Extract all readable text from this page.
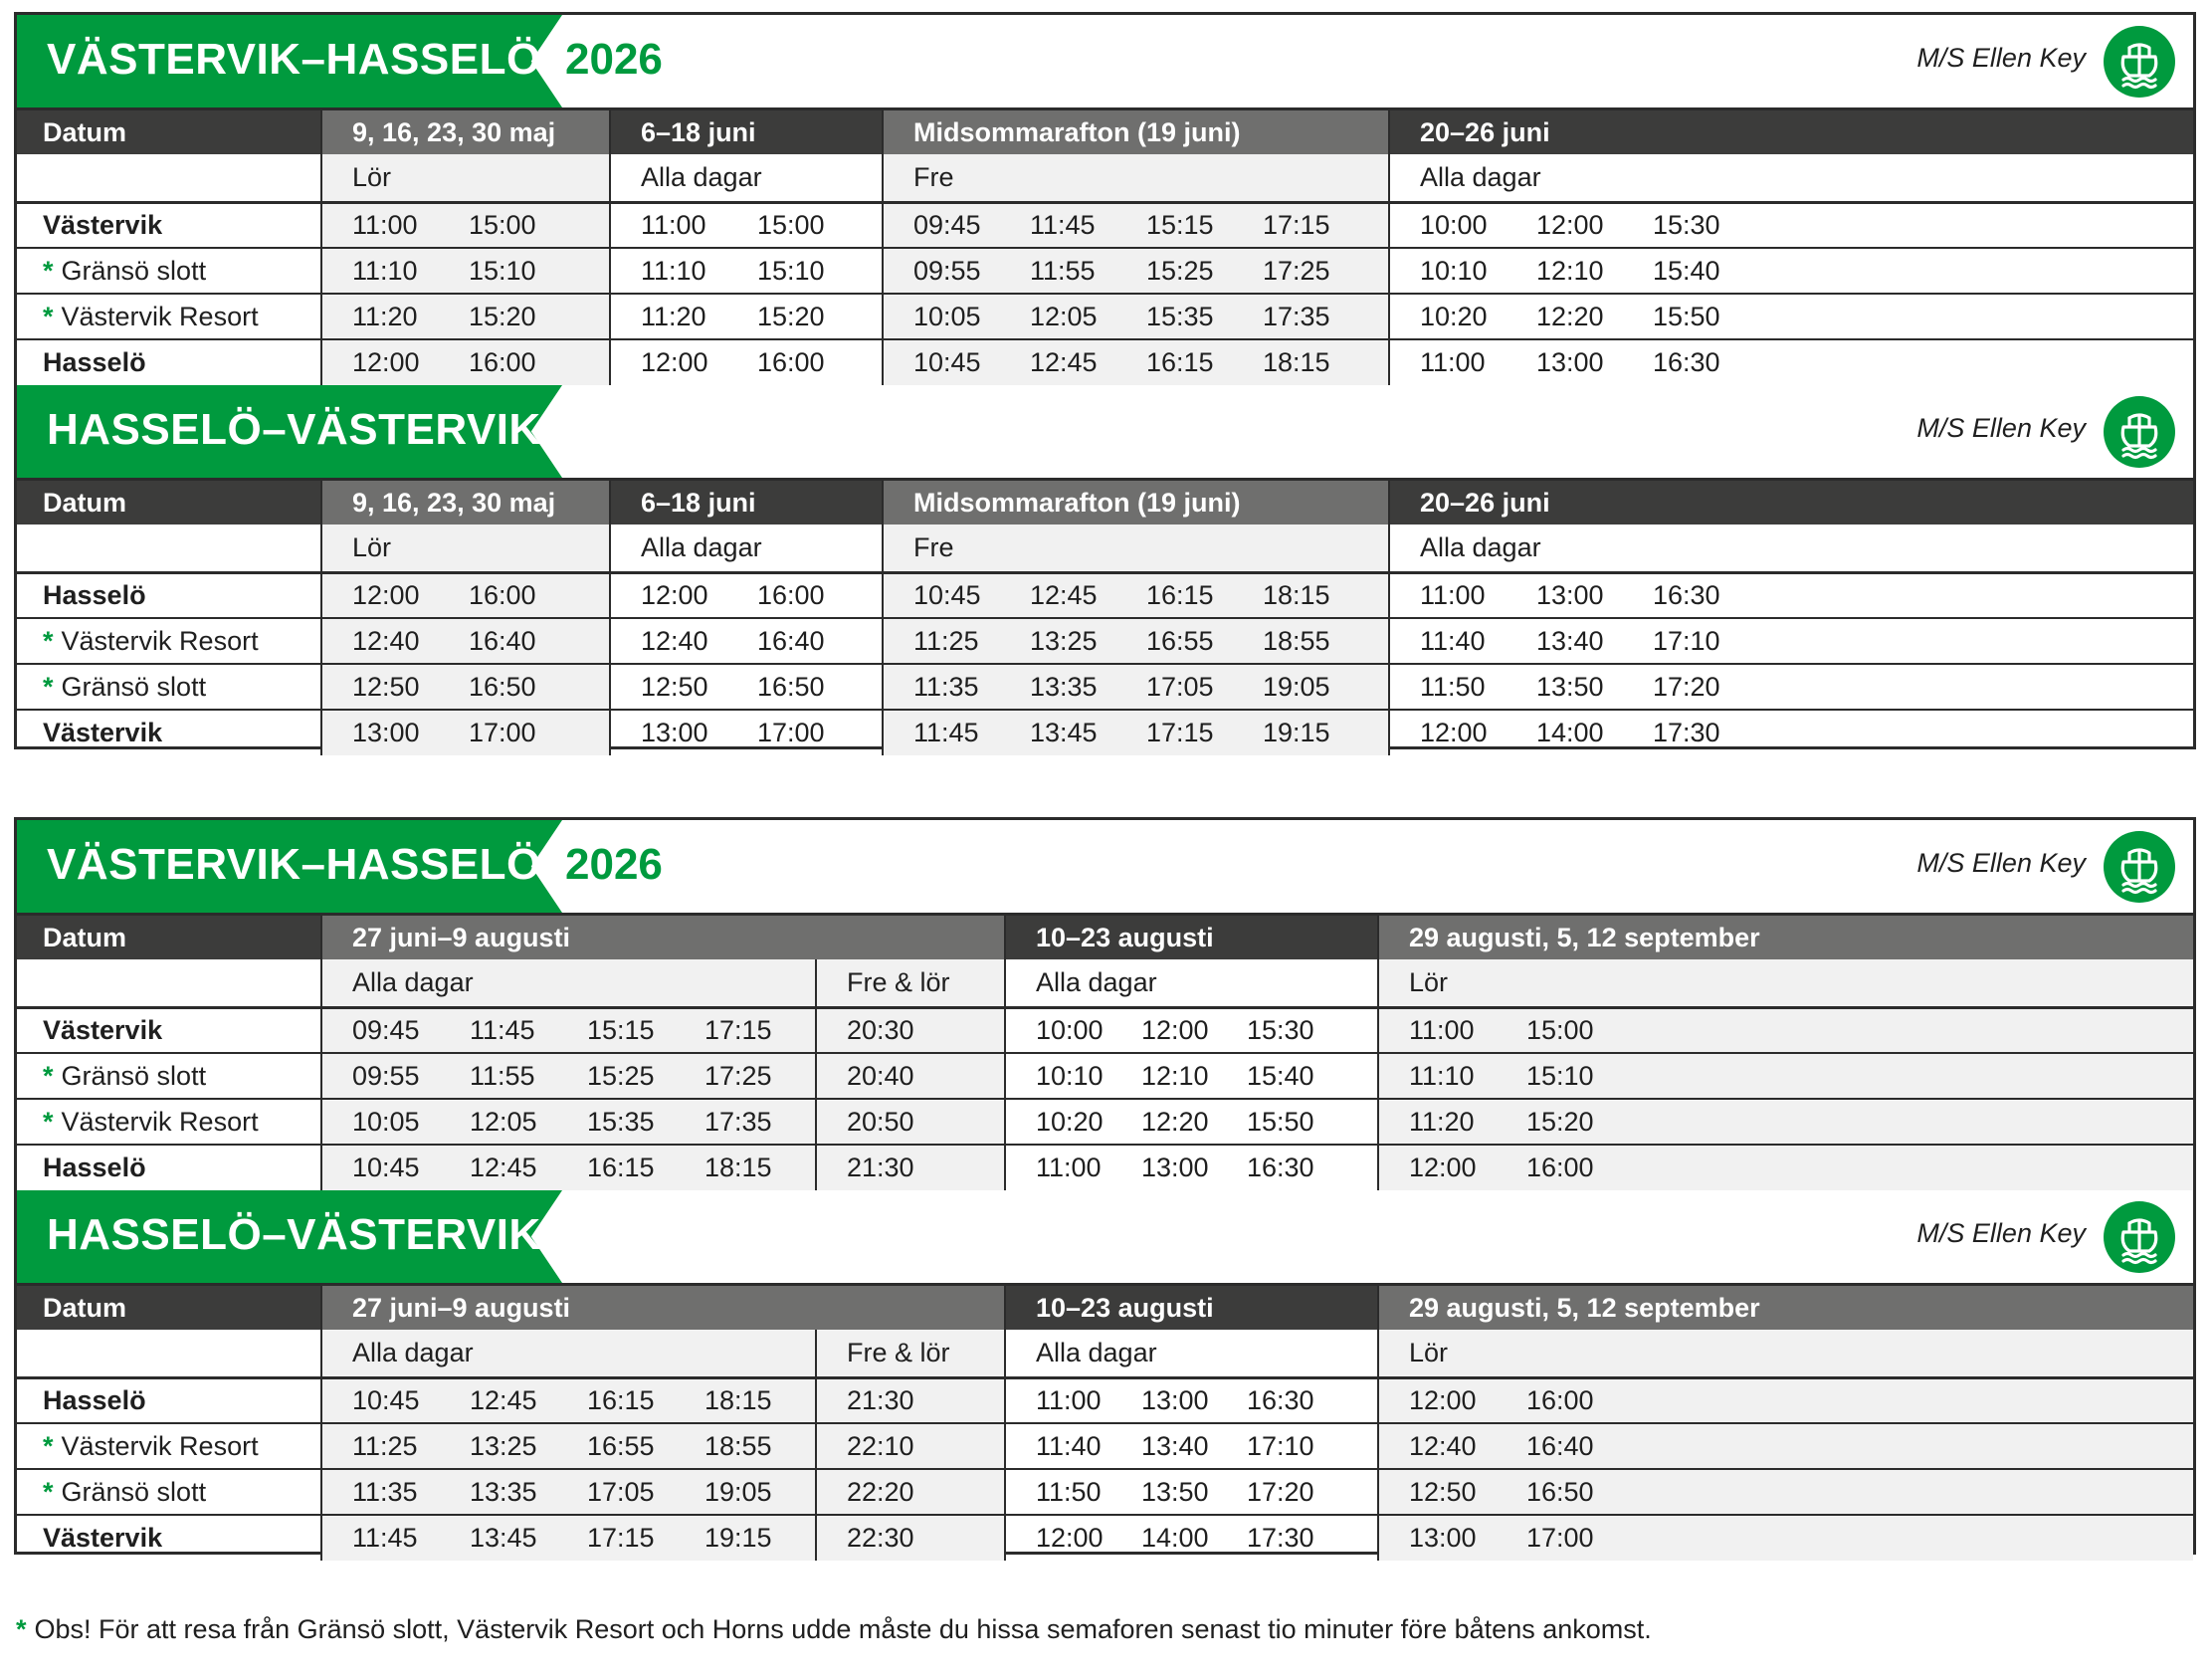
VÄSTERVIK–HASSELÖ 2026	M/S Ellen Key
Datum	9, 16, 23, 30 maj	6–18 juni	Midsommarafton (19 juni)	20–26 juni
	Lör	Alla dagar	Fre	Alla dagar
Västervik	11:00 15:00	11:00 15:00	09:45 11:45 15:15 17:15	10:00 12:00 15:30
* Gränsö slott	11:10 15:10	11:10 15:10	09:55 11:55 15:25 17:25	10:10 12:10 15:40
* Västervik Resort	11:20 15:20	11:20 15:20	10:05 12:05 15:35 17:35	10:20 12:20 15:50
Hasselö	12:00 16:00	12:00 16:00	10:45 12:45 16:15 18:15	11:00 13:00 16:30
HASSELÖ–VÄSTERVIK	M/S Ellen Key
Datum	9, 16, 23, 30 maj	6–18 juni	Midsommarafton (19 juni)	20–26 juni
	Lör	Alla dagar	Fre	Alla dagar
Hasselö	12:00 16:00	12:00 16:00	10:45 12:45 16:15 18:15	11:00 13:00 16:30
* Västervik Resort	12:40 16:40	12:40 16:40	11:25 13:25 16:55 18:55	11:40 13:40 17:10
* Gränsö slott	12:50 16:50	12:50 16:50	11:35 13:35 17:05 19:05	11:50 13:50 17:20
Västervik	13:00 17:00	13:00 17:00	11:45 13:45 17:15 19:15	12:00 14:00 17:30
VÄSTERVIK–HASSELÖ 2026	M/S Ellen Key
Datum	27 juni–9 augusti		10–23 augusti	29 augusti, 5, 12 september
	Alla dagar	Fre & lör	Alla dagar	Lör
Västervik	09:45 11:45 15:15 17:15	20:30	10:00 12:00 15:30	11:00 15:00
* Gränsö slott	09:55 11:55 15:25 17:25	20:40	10:10 12:10 15:40	11:10 15:10
* Västervik Resort	10:05 12:05 15:35 17:35	20:50	10:20 12:20 15:50	11:20 15:20
Hasselö	10:45 12:45 16:15 18:15	21:30	11:00 13:00 16:30	12:00 16:00
HASSELÖ–VÄSTERVIK	M/S Ellen Key
Datum	27 juni–9 augusti		10–23 augusti	29 augusti, 5, 12 september
	Alla dagar	Fre & lör	Alla dagar	Lör
Hasselö	10:45 12:45 16:15 18:15	21:30	11:00 13:00 16:30	12:00 16:00
* Västervik Resort	11:25 13:25 16:55 18:55	22:10	11:40 13:40 17:10	12:40 16:40
* Gränsö slott	11:35 13:35 17:05 19:05	22:20	11:50 13:50 17:20	12:50 16:50
Västervik	11:45 13:45 17:15 19:15	22:30	12:00 14:00 17:30	13:00 17:00
* Obs! För att resa från Gränsö slott, Västervik Resort och Horns udde måste du hissa semaforen senast tio minuter före båtens ankomst.
